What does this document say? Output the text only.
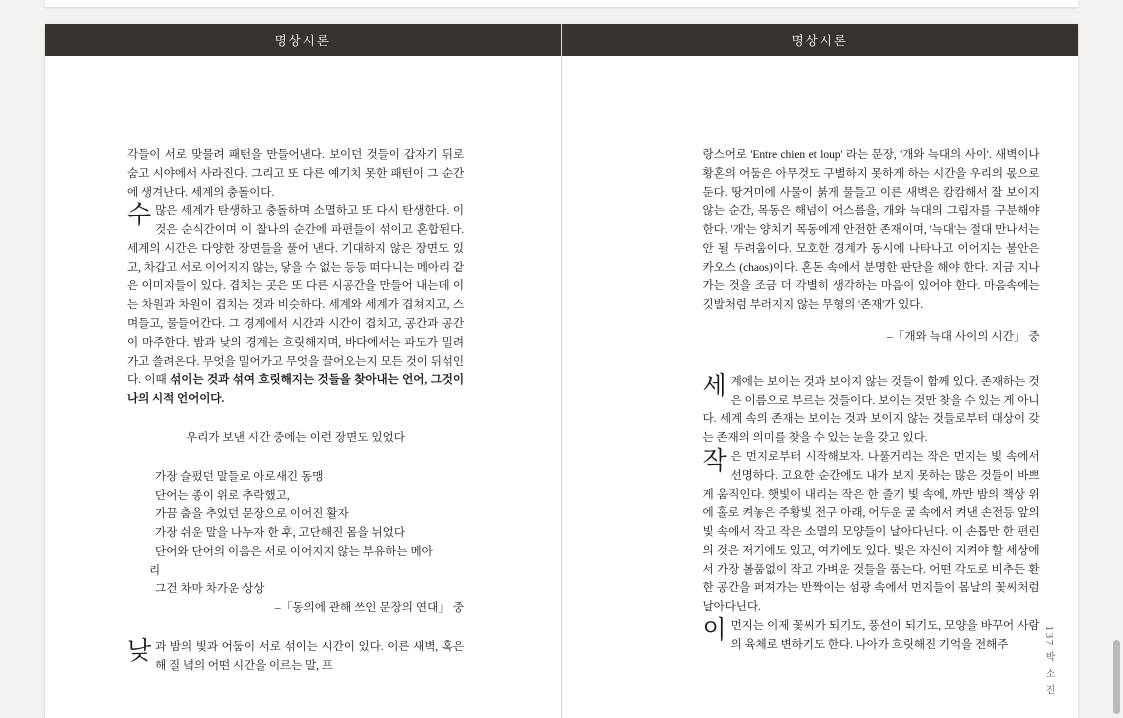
명상시론

각들이 서로 맞물려 패턴을 만들어낸다. 보이던 것들이 갑자기 뒤로 숨고 시야에서 사라진다. 그리고 또 다른 예기치 못한 패턴이 그 순간에 생겨난다. 세계의 충돌이다.

수 많은 세계가 탄생하고 충돌하며 소멸하고 또 다시 탄생한다. 이것은 순식간이며 이 찰나의 순간에 파편들이 섞이고 혼합된다. 세계의 시간은 다양한 장면들을 풀어 낸다. 기대하지 않은 장면도 있고, 차갑고 서로 이어지지 않는, 닿을 수 없는 등등 떠다니는 메아리 같은 이미지들이 있다. 겹치는 곳은 또 다른 시공간을 만들어 내는데 이는 차원과 차원이 겹치는 것과 비슷하다. 세계와 세계가 겹쳐지고, 스며들고, 물들어간다. 그 경계에서 시간과 시간이 겹치고, 공간과 공간이 마주한다. 밤과 낮의 경계는 흐릿해지며, 바다에서는 파도가 밀려가고 쓸려온다. 무엇을 밀어가고 무엇을 끌어오는지 모든 것이 뒤섞인다. 이때 섞이는 것과 섞여 흐릿해지는 것들을 찾아내는 언어, 그것이 나의 시적 언어이다.

우리가 보낸 시간 중에는 이런 장면도 있었다

가장 슬펐던 말들로 아로새긴 동맹
단어는 종이 위로 추락했고,
가끔 춤을 추었던 문장으로 이어진 활자
가장 쉬운 말을 나누자 한 후, 고단해진 몸을 뉘었다
단어와 단어의 이음은 서로 이어지지 않는 부유하는 메아
리
그건 차마 차가운 상상

–「동의에 관해 쓰인 문장의 연대」 중

낮 과 밤의 빛과 어둠이 서로 섞이는 시간이 있다. 이른 새벽, 혹은 해 질 녘의 어떤 시간을 이르는 말, 프
명상시론

랑스어로 'Entre chien et loup' 라는 문장, '개와 늑대의 사이'. 새벽이나 황혼의 어둠은 아무것도 구별하지 못하게 하는 시간을 우리의 몫으로 둔다. 땅거미에 사물이 붉게 물들고 이른 새벽은 캄캄해서 잘 보이지 않는 순간, 목동은 해넘이 어스름을, 개와 늑대의 그림자를 구분해야 한다. '개'는 양치기 목동에게 안전한 존재이며, '늑대'는 절대 만나서는 안 될 두려움이다. 모호한 경계가 동시에 나타나고 이어지는 불안은 카오스 (chaos)이다. 혼돈 속에서 분명한 판단을 해야 한다. 지금 지나가는 것을 조금 더 각별히 생각하는 마음이 있어야 한다. 마음속에는 깃발처럼 부러지지 않는 무형의 '존재'가 있다.

–「개와 늑대 사이의 시간」 중

세 계에는 보이는 것과 보이지 않는 것들이 함께 있다. 존재하는 것은 이름으로 부르는 것들이다. 보이는 것만 찾을 수 있는 게 아니다. 세계 속의 존재는 보이는 것과 보이지 않는 것들로부터 대상이 갖는 존재의 의미를 찾을 수 있는 눈을 갖고 있다.
작 은 먼지로부터 시작해보자. 나풀거리는 작은 먼지는 빛 속에서 선명하다. 고요한 순간에도 내가 보지 못하는 많은 것들이 바쁘게 움직인다. 햇빛이 내리는 작은 한 줄기 빛 속에, 까만 밤의 책상 위에 홀로 켜놓은 주황빛 전구 아래, 어두운 굴 속에서 켜낸 손전등 앞의 빛 속에서 작고 작은 소멸의 모양들이 날아다닌다. 이 손톱만 한 편린의 것은 저기에도 있고, 여기에도 있다. 빛은 자신이 지켜야 할 세상에서 가장 볼품없이 작고 가벼운 것들을 품는다. 어떤 각도로 비추든 환한 공간을 퍼져가는 반짝이는 섬광 속에서 먼지들이 몸날의 꽃씨처럼 날아다닌다.
이 먼지는 이제 꽃씨가 되기도, 풍선이 되기도, 모양을 바꾸어 사람의 육체로 변하기도 한다. 나아가 흐릿해진 기억을 전해주	137 박 소 진
